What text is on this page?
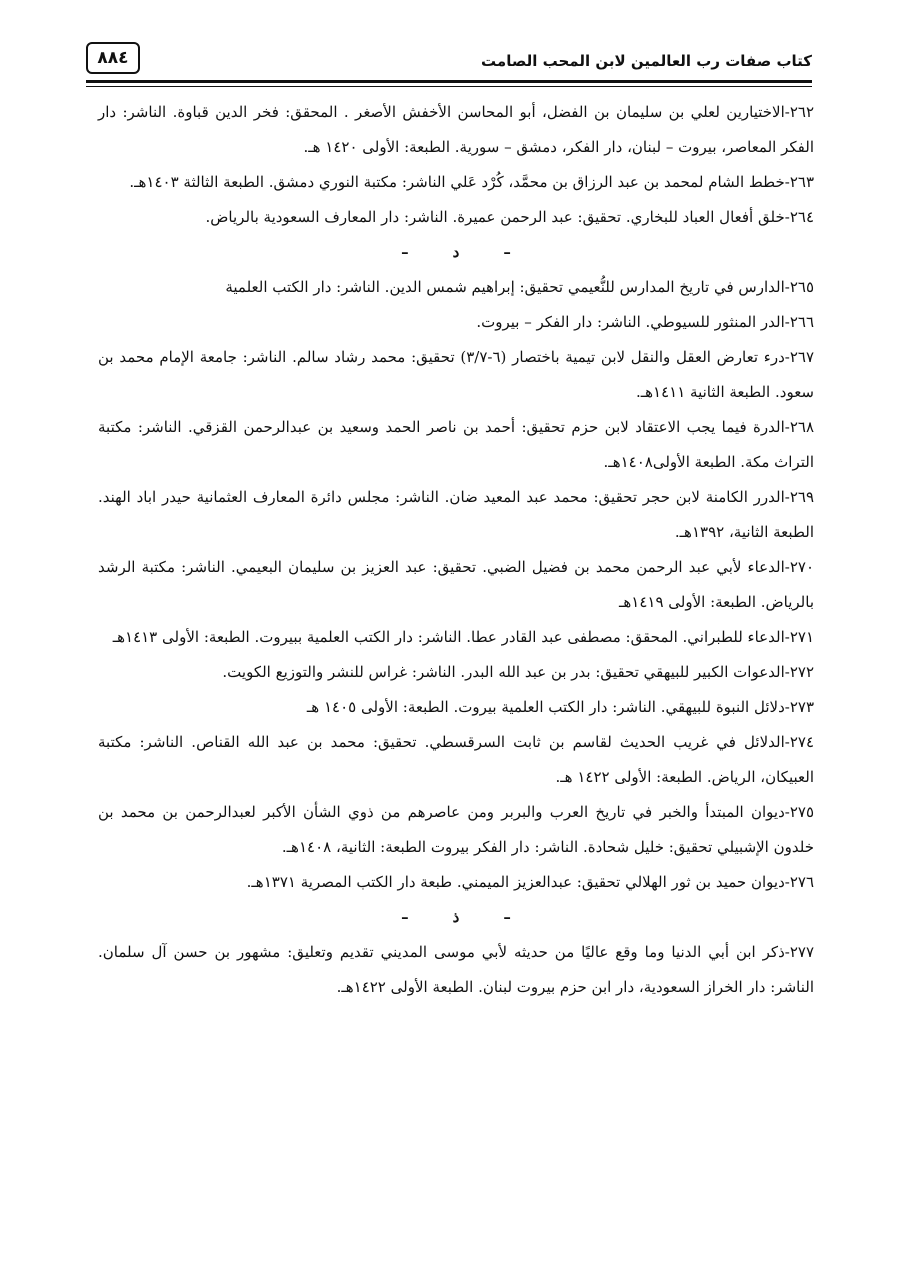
٨٨٤	كتاب صفات رب العالمين لابن المحب الصامت

٢٦٢-الاختيارين لعلي بن سليمان بن الفضل، أبو المحاسن الأخفش الأصغر . المحقق: فخر الدين قباوة. الناشر: دار الفكر المعاصر، بيروت – لبنان، دار الفكر، دمشق – سورية. الطبعة: الأولى ١٤٢٠ هـ.

٢٦٣-خطط الشام لمحمد بن عبد الرزاق بن محمَّد، كُرْد عَلي الناشر: مكتبة النوري دمشق. الطبعة الثالثة ١٤٠٣هـ.

٢٦٤-خلق أفعال العباد للبخاري. تحقيق: عبد الرحمن عميرة. الناشر: دار المعارف السعودية بالرياض.

–	د	–

٢٦٥-الدارس في تاريخ المدارس للنُّعيمي تحقيق: إبراهيم شمس الدين. الناشر: دار الكتب العلمية

٢٦٦-الدر المنثور للسيوطي. الناشر: دار الفكر – بيروت.

٢٦٧-درء تعارض العقل والنقل لابن تيمية باختصار (٦-٣/٧) تحقيق: محمد رشاد سالم. الناشر: جامعة الإمام محمد بن سعود. الطبعة الثانية ١٤١١هـ.

٢٦٨-الدرة فيما يجب الاعتقاد لابن حزم تحقيق: أحمد بن ناصر الحمد وسعيد بن عبدالرحمن القزقي. الناشر: مكتبة التراث مكة. الطبعة الأولى١٤٠٨هـ.

٢٦٩-الدرر الكامنة لابن حجر تحقيق: محمد عبد المعيد ضان. الناشر: مجلس دائرة المعارف العثمانية حيدر اباد الهند. الطبعة الثانية، ١٣٩٢هـ.

٢٧٠-الدعاء لأبي عبد الرحمن محمد بن فضيل الضبي. تحقيق: عبد العزيز بن سليمان البعيمي. الناشر: مكتبة الرشد بالرياض. الطبعة: الأولى ١٤١٩هـ

٢٧١-الدعاء للطبراني. المحقق: مصطفى عبد القادر عطا. الناشر: دار الكتب العلمية ببيروت. الطبعة: الأولى ١٤١٣هـ

٢٧٢-الدعوات الكبير للبيهقي تحقيق: بدر بن عبد الله البدر. الناشر: غراس للنشر والتوزيع الكويت.

٢٧٣-دلائل النبوة للبيهقي. الناشر: دار الكتب العلمية بيروت. الطبعة: الأولى ١٤٠٥ هـ

٢٧٤-الدلائل في غريب الحديث لقاسم بن ثابت السرقسطي. تحقيق: محمد بن عبد الله القناص. الناشر: مكتبة العبيكان، الرياض. الطبعة: الأولى ١٤٢٢ هـ.

٢٧٥-ديوان المبتدأ والخبر في تاريخ العرب والبربر ومن عاصرهم من ذوي الشأن الأكبر لعبدالرحمن بن محمد بن خلدون الإشبيلي تحقيق: خليل شحادة. الناشر: دار الفكر بيروت الطبعة: الثانية، ١٤٠٨هـ.

٢٧٦-ديوان حميد بن ثور الهلالي تحقيق: عبدالعزيز الميمني. طبعة دار الكتب المصرية ١٣٧١هـ.

–	ذ	–

٢٧٧-ذكر ابن أبي الدنيا وما وقع عاليًا من حديثه لأبي موسى المديني تقديم وتعليق: مشهور بن حسن آل سلمان. الناشر: دار الخراز السعودية، دار ابن حزم بيروت لبنان. الطبعة الأولى ١٤٢٢هـ.
